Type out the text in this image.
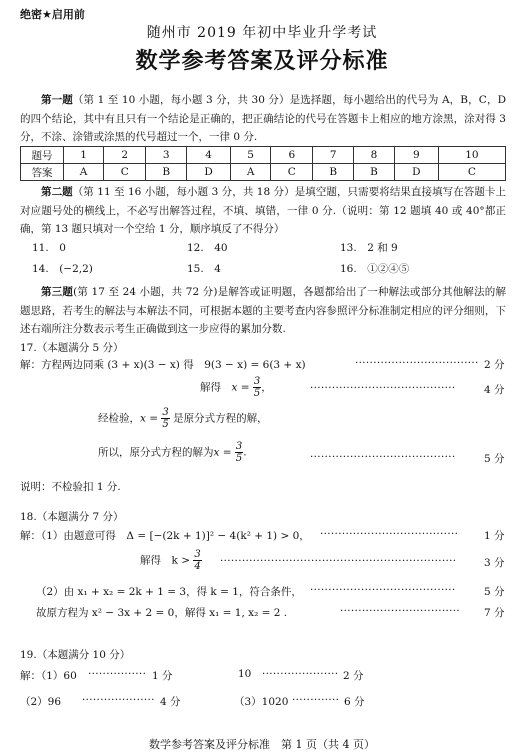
绝密★启用前
随州市 2019 年初中毕业升学考试
数学参考答案及评分标准
第一题（第 1 至 10 小题，每小题 3 分，共 30 分）是选择题，每小题给出的代号为 A，B，C，D 的四个结论，其中有且只有一个结论是正确的，把正确结论的代号在答题卡上相应的地方涂黑，涂对得 3 分，不涂、涂错或涂黑的代号超过一个，一律 0 分.
题号	1	2	3	4	5	6	7	8	9	10
答案	A	C	B	D	A	C	B	B	D	C
第二题（第 11 至 16 小题，每小题 3 分，共 18 分）是填空题，只需要将结果直接填写在答题卡上对应题号处的横线上，不必写出解答过程，不填、填错，一律 0 分.（说明：第 12 题填 40 或 40°都正确，第 13 题只填对一个空给 1 分，顺序填反了不得分）
11.　0	12.　40	13.　2 和 9
14.　(−2,2)	15.　4	16.　①②④⑤
第三题(第 17 至 24 小题，共 72 分)是解答或证明题，各题都给出了一种解法或部分其他解法的解题思路，若考生的解法与本解法不同，可根据本题的主要考查内容参照评分标准制定相应的评分细则，下述右端所注分数表示考生正确做到这一步应得的累加分数.
17.（本题满分 5 分）
解：方程两边同乘 (3 + x)(3 − x) 得　9(3 − x) = 6(3 + x)	·································· 2 分
解得　$x = \frac{3}{5}$ ，	········································	4 分
经检验，$x = \frac{3}{5}$ 是原分式方程的解，
所以，原分式方程的解为$x = \frac{3}{5}$ .	········································	5 分
说明：不检验扣 1 分.
18.（本题满分 7 分）
解：（1）由题意可得　Δ = [−(2k + 1)]² − 4(k² + 1) > 0， ······································ 1 分
解得　$k > \frac{3}{4}$ ·································································	3 分
（2）由 x₁ + x₂ = 2k + 1 = 3，得 k = 1，符合条件， ········································	5 分
故原方程为 x² − 3x + 2 = 0，解得 x₁ = 1, x₂ = 2 .	································· 7 分
19.（本题满分 10 分）
解：（1）60 ················ 1 分	10 ····················· 2 分
（2）96 ···················· 4 分	（3）1020 ············· 6 分
数学参考答案及评分标准　第 1 页（共 4 页）
